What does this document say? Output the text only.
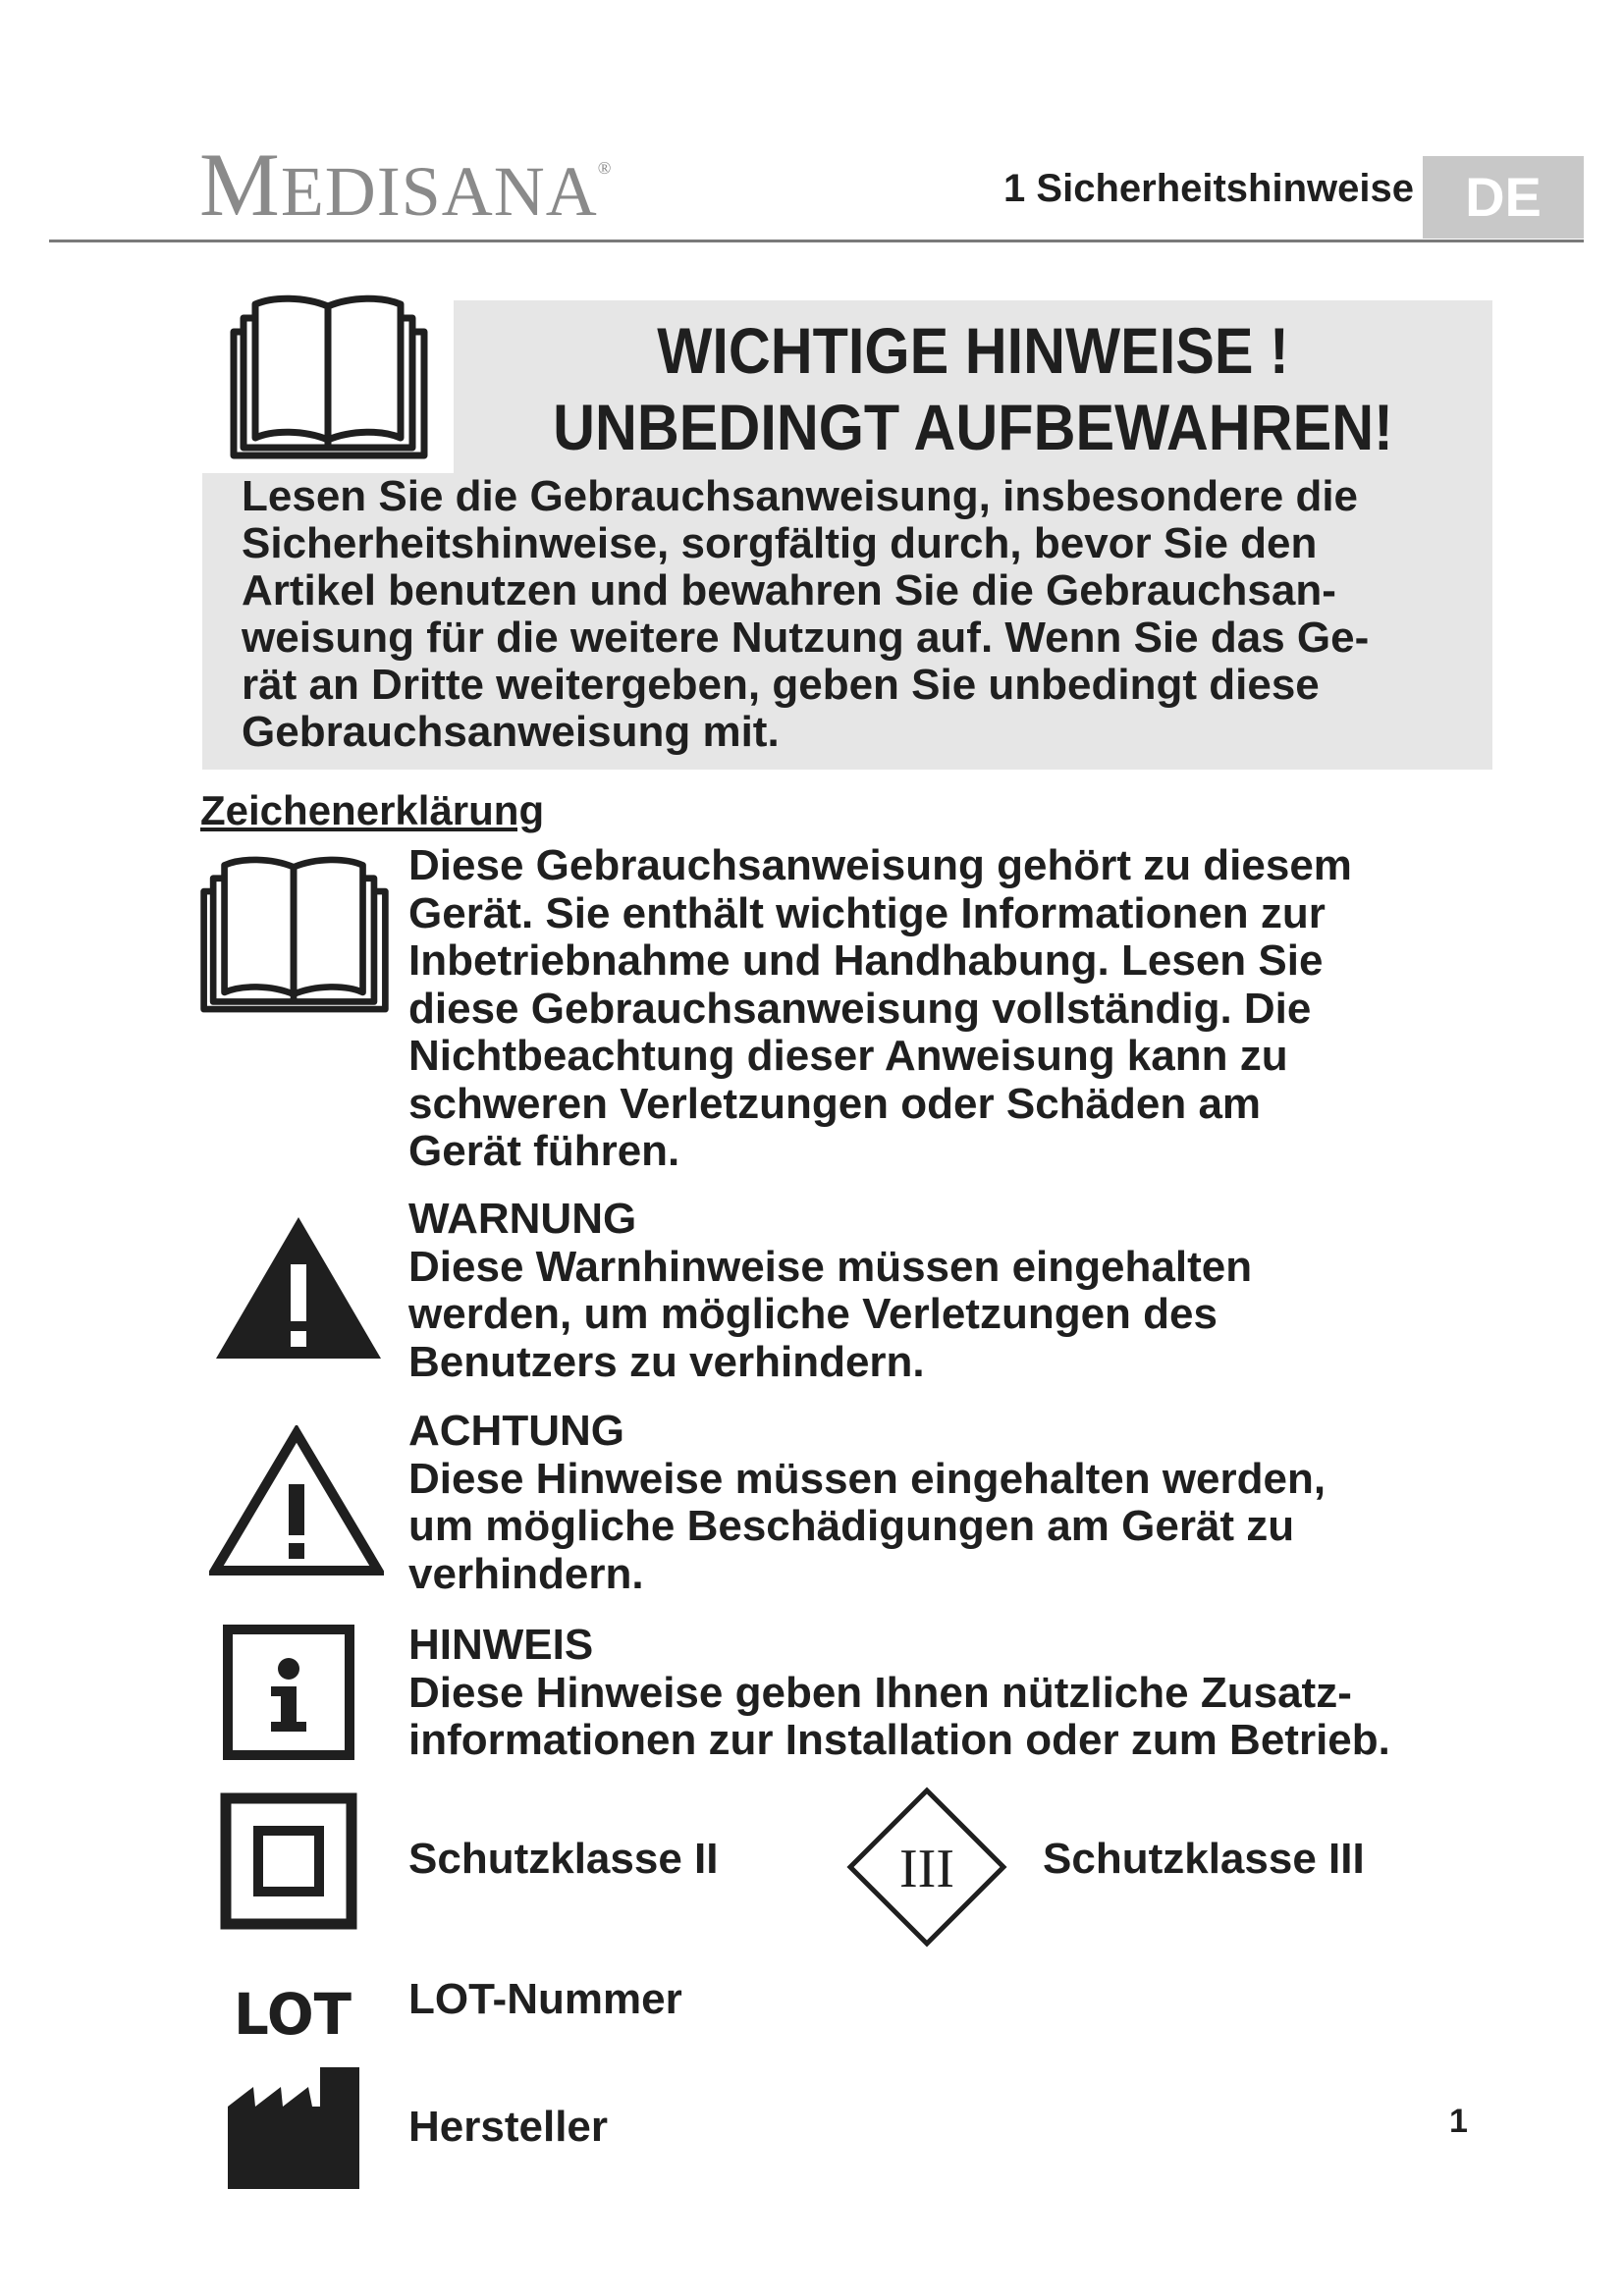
MEDISANA®	1 Sicherheitshinweise DE
WICHTIGE HINWEISE !
UNBEDINGT AUFBEWAHREN!
Lesen Sie die Gebrauchsanweisung, insbesondere die
Sicherheitshinweise, sorgfältig durch, bevor Sie den
Artikel benutzen und bewahren Sie die Gebrauchsan-
weisung für die weitere Nutzung auf. Wenn Sie das Ge-
rät an Dritte weitergeben, geben Sie unbedingt diese
Gebrauchsanweisung mit.
Zeichenerklärung
Diese Gebrauchsanweisung gehört zu diesem
Gerät. Sie enthält wichtige Informationen zur
Inbetriebnahme und Handhabung. Lesen Sie
diese Gebrauchsanweisung vollständig. Die
Nichtbeachtung dieser Anweisung kann zu
schweren Verletzungen oder Schäden am
Gerät führen.
WARNUNG
Diese Warnhinweise müssen eingehalten
werden, um mögliche Verletzungen des
Benutzers zu verhindern.
ACHTUNG
Diese Hinweise müssen eingehalten werden,
um mögliche Beschädigungen am Gerät zu
verhindern.
HINWEIS
Diese Hinweise geben Ihnen nützliche Zusatz-
informationen zur Installation oder zum Betrieb.
Schutzklasse II	III Schutzklasse III
LOT LOT-Nummer
Hersteller	1
